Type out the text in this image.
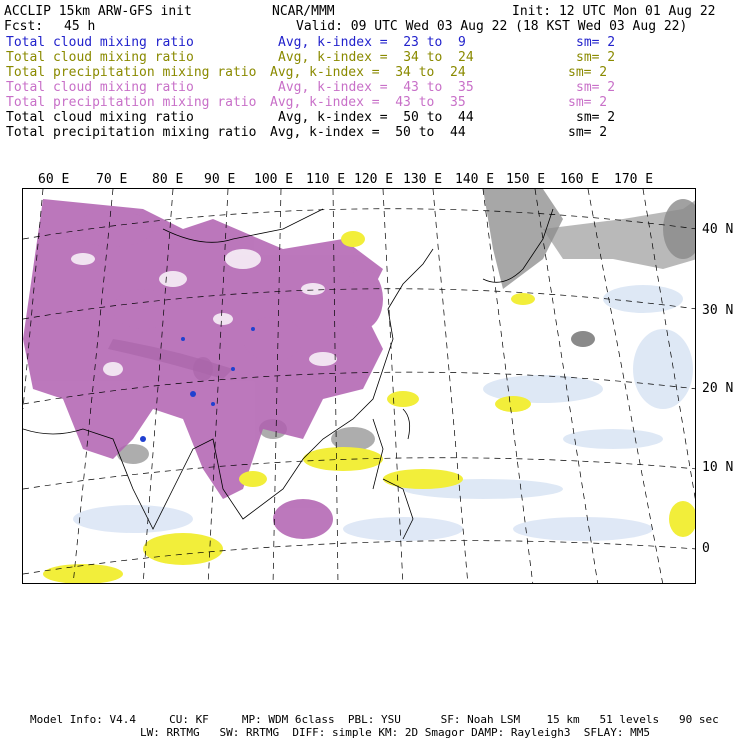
ACCLIP 15km ARW-GFS init	NCAR/MMM	Init: 12 UTC Mon 01 Aug 22
Fcst: 45 h	Valid: 09 UTC Wed 03 Aug 22 (18 KST Wed 03 Aug 22)
Total cloud mixing ratio	Avg, k-index =  23 to  9	sm= 2
Total cloud mixing ratio	Avg, k-index =  34 to  24	sm= 2
Total precipitation mixing ratio Avg, k-index =  34 to  24	sm= 2
Total cloud mixing ratio	Avg, k-index =  43 to  35	sm= 2
Total precipitation mixing ratio Avg, k-index =  43 to  35	sm= 2
Total cloud mixing ratio	Avg, k-index =  50 to  44	sm= 2
Total precipitation mixing ratio Avg, k-index =  50 to  44	sm= 2
60 E 70 E 80 E 90 E 100 E 110 E 120 E 130 E 140 E 150 E 160 E 170 E
40 N
30 N
20 N
10 N
0
Model Info: V4.4     CU: KF     MP: WDM 6class  PBL: YSU      SF: Noah LSM    15 km   51 levels   90 sec
LW: RRTMG   SW: RRTMG  DIFF: simple KM: 2D Smagor DAMP: Rayleigh3  SFLAY: MM5
